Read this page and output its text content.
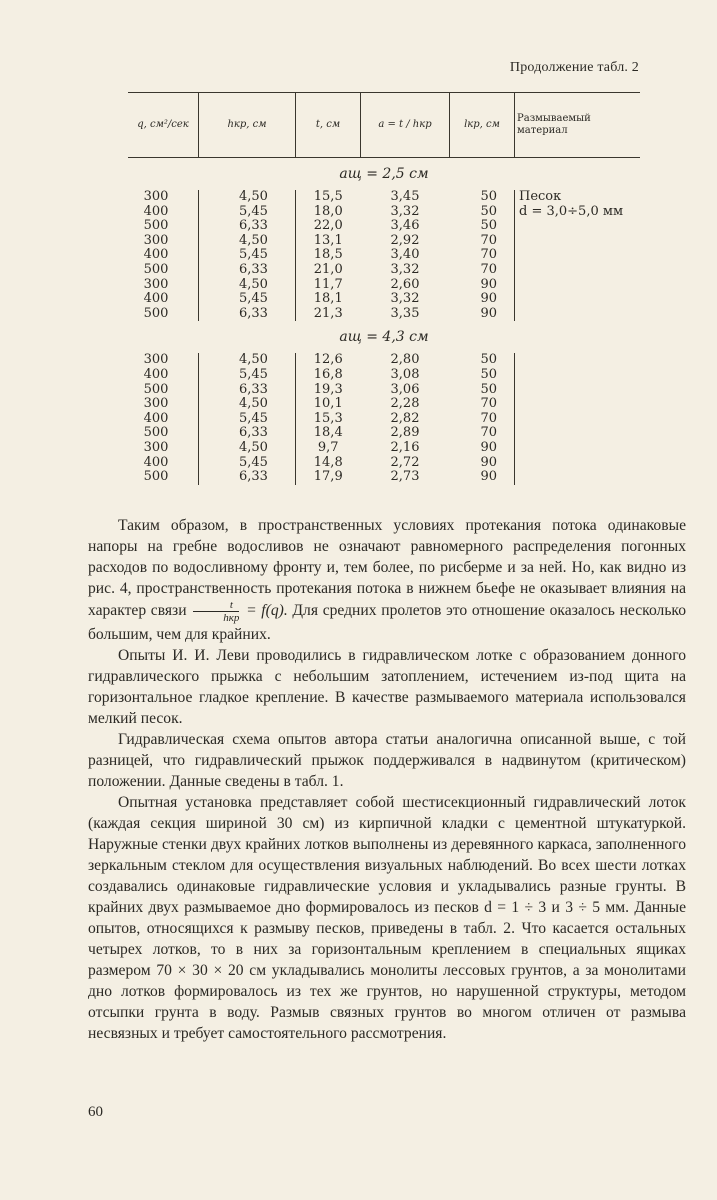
Продолжение табл. 2
q, см²/сек	hкр, см	t, см	a = t / hкр	lкр, см	Размываемый материал
aщ = 2,5 см					
300	4,50	15,5	3,45	50	Песок
400	5,45	18,0	3,32	50	d = 3,0÷5,0 мм
500	6,33	22,0	3,46	50	
300	4,50	13,1	2,92	70	
400	5,45	18,5	3,40	70	
500	6,33	21,0	3,32	70	
300	4,50	11,7	2,60	90	
400	5,45	18,1	3,32	90	
500	6,33	21,3	3,35	90	
aщ = 4,3 см					
300	4,50	12,6	2,80	50	
400	5,45	16,8	3,08	50	
500	6,33	19,3	3,06	50	
300	4,50	10,1	2,28	70	
400	5,45	15,3	2,82	70	
500	6,33	18,4	2,89	70	
300	4,50	9,7	2,16	90	
400	5,45	14,8	2,72	90	
500	6,33	17,9	2,73	90	

Таким образом, в пространственных условиях протекания потока одинаковые напоры на гребне водосливов не означают равномерного распределения погонных расходов по водосливному фронту и, тем более, по рисберме и за ней. Но, как видно из рис. 4, пространственность протекания потока в нижнем бьефе не оказывает влияния на характер связи $\frac{t}{\text{hкр}} = f(q)$. Для средних пролетов это отношение оказалось несколько большим, чем для крайних.

Опыты И. И. Леви проводились в гидравлическом лотке с образованием донного гидравлического прыжка с небольшим затоплением, истечением из-под щита на горизонтальное гладкое крепление. В качестве размываемого материала использовался мелкий песок.

Гидравлическая схема опытов автора статьи аналогична описанной выше, с той разницей, что гидравлический прыжок поддерживался в надвинутом (критическом) положении. Данные сведены в табл. 1.

Опытная установка представляет собой шестисекционный гидравлический лоток (каждая секция шириной 30 см) из кирпичной кладки с цементной штукатуркой. Наружные стенки двух крайних лотков выполнены из деревянного каркаса, заполненного зеркальным стеклом для осуществления визуальных наблюдений. Во всех шести лотках создавались одинаковые гидравлические условия и укладывались разные грунты. В крайних двух размываемое дно формировалось из песков d = 1 ÷ 3 и 3 ÷ 5 мм. Данные опытов, относящихся к размыву песков, приведены в табл. 2. Что касается остальных четырех лотков, то в них за горизонтальным креплением в специальных ящиках размером 70 × 30 × 20 см укладывались монолиты лессовых грунтов, а за монолитами дно лотков формировалось из тех же грунтов, но нарушенной структуры, методом отсыпки грунта в воду. Размыв связных грунтов во многом отличен от размыва несвязных и требует самостоятельного рассмотрения.

60
